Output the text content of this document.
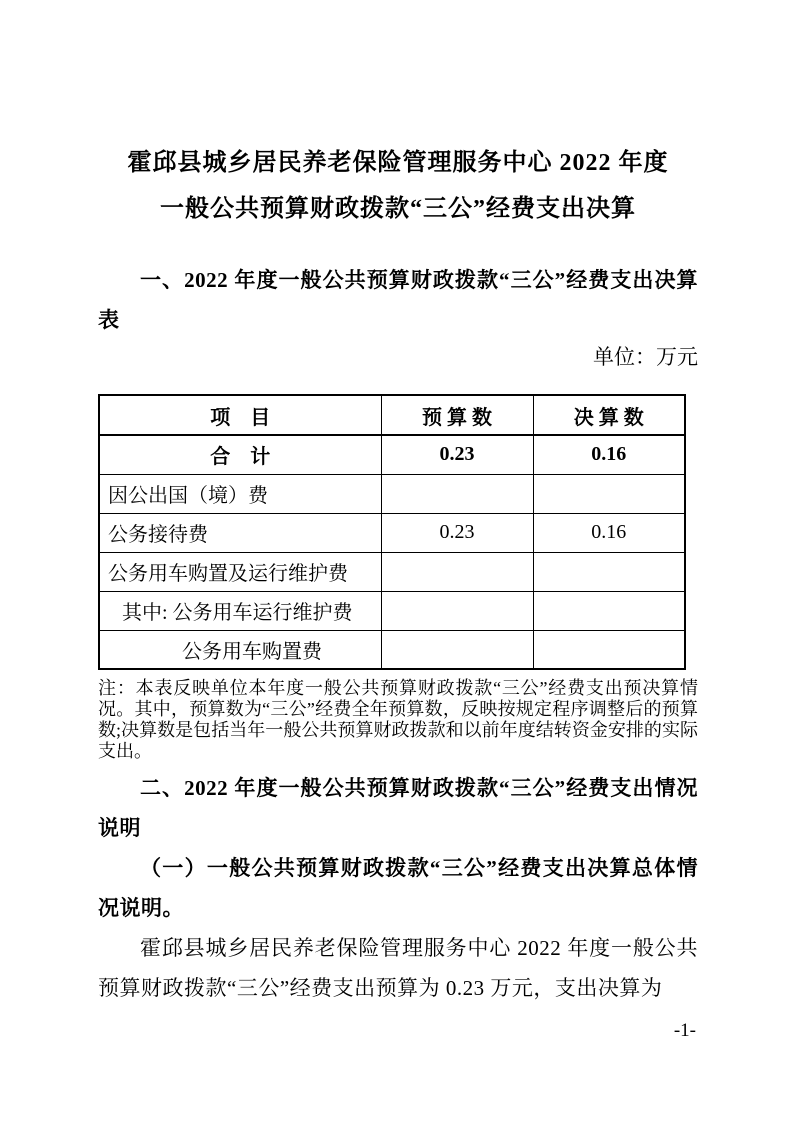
霍邱县城乡居民养老保险管理服务中心 2022 年度
一般公共预算财政拨款“三公”经费支出决算

一、2022 年度一般公共预算财政拨款“三公”经费支出决算表

单位：万元

项　目	预 算 数	决 算 数
合　计	0.23	0.16
因公出国（境）费		
公务接待费	0.23	0.16
公务用车购置及运行维护费		
其中: 公务用车运行维护费		
公务用车购置费		

注：本表反映单位本年度一般公共预算财政拨款“三公”经费支出预决算情况。其中，预算数为“三公”经费全年预算数，反映按规定程序调整后的预算数;决算数是包括当年一般公共预算财政拨款和以前年度结转资金安排的实际支出。

二、2022 年度一般公共预算财政拨款“三公”经费支出情况说明

（一）一般公共预算财政拨款“三公”经费支出决算总体情况说明。

霍邱县城乡居民养老保险管理服务中心 2022 年度一般公共预算财政拨款“三公”经费支出预算为 0.23 万元，支出决算为

-1-
